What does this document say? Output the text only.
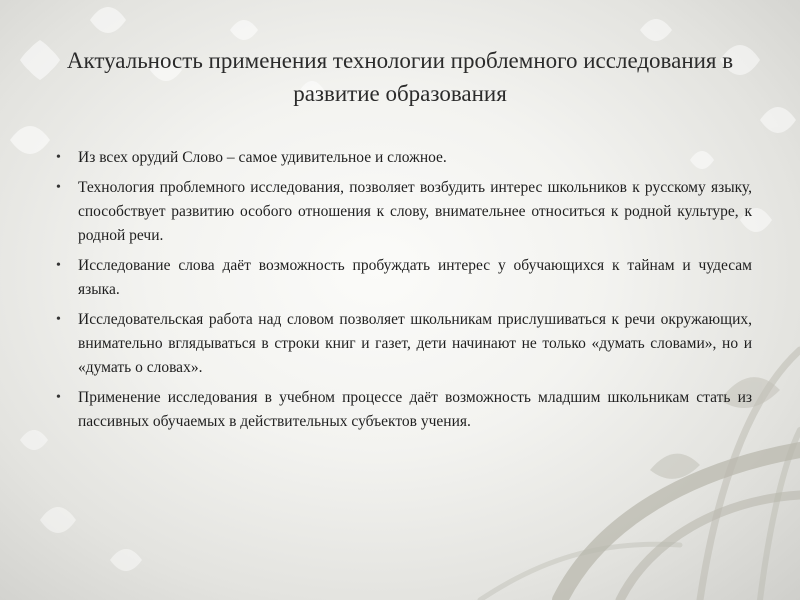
Актуальность применения технологии проблемного исследования в развитие образования
• Из всех орудий Слово – самое удивительное и сложное.
• Технология проблемного исследования, позволяет возбудить интерес школьников к русскому языку, способствует развитию особого отношения к слову, внимательнее относиться к родной культуре, к родной речи.
• Исследование слова даёт возможность пробуждать интерес у обучающихся к тайнам и чудесам языка.
• Исследовательская работа над словом позволяет школьникам прислушиваться к речи окружающих, внимательно вглядываться в строки книг и газет, дети начинают не только «думать словами», но и «думать о словах».
• Применение исследования в учебном процессе даёт возможность младшим школьникам стать из пассивных обучаемых в действительных субъектов учения.
